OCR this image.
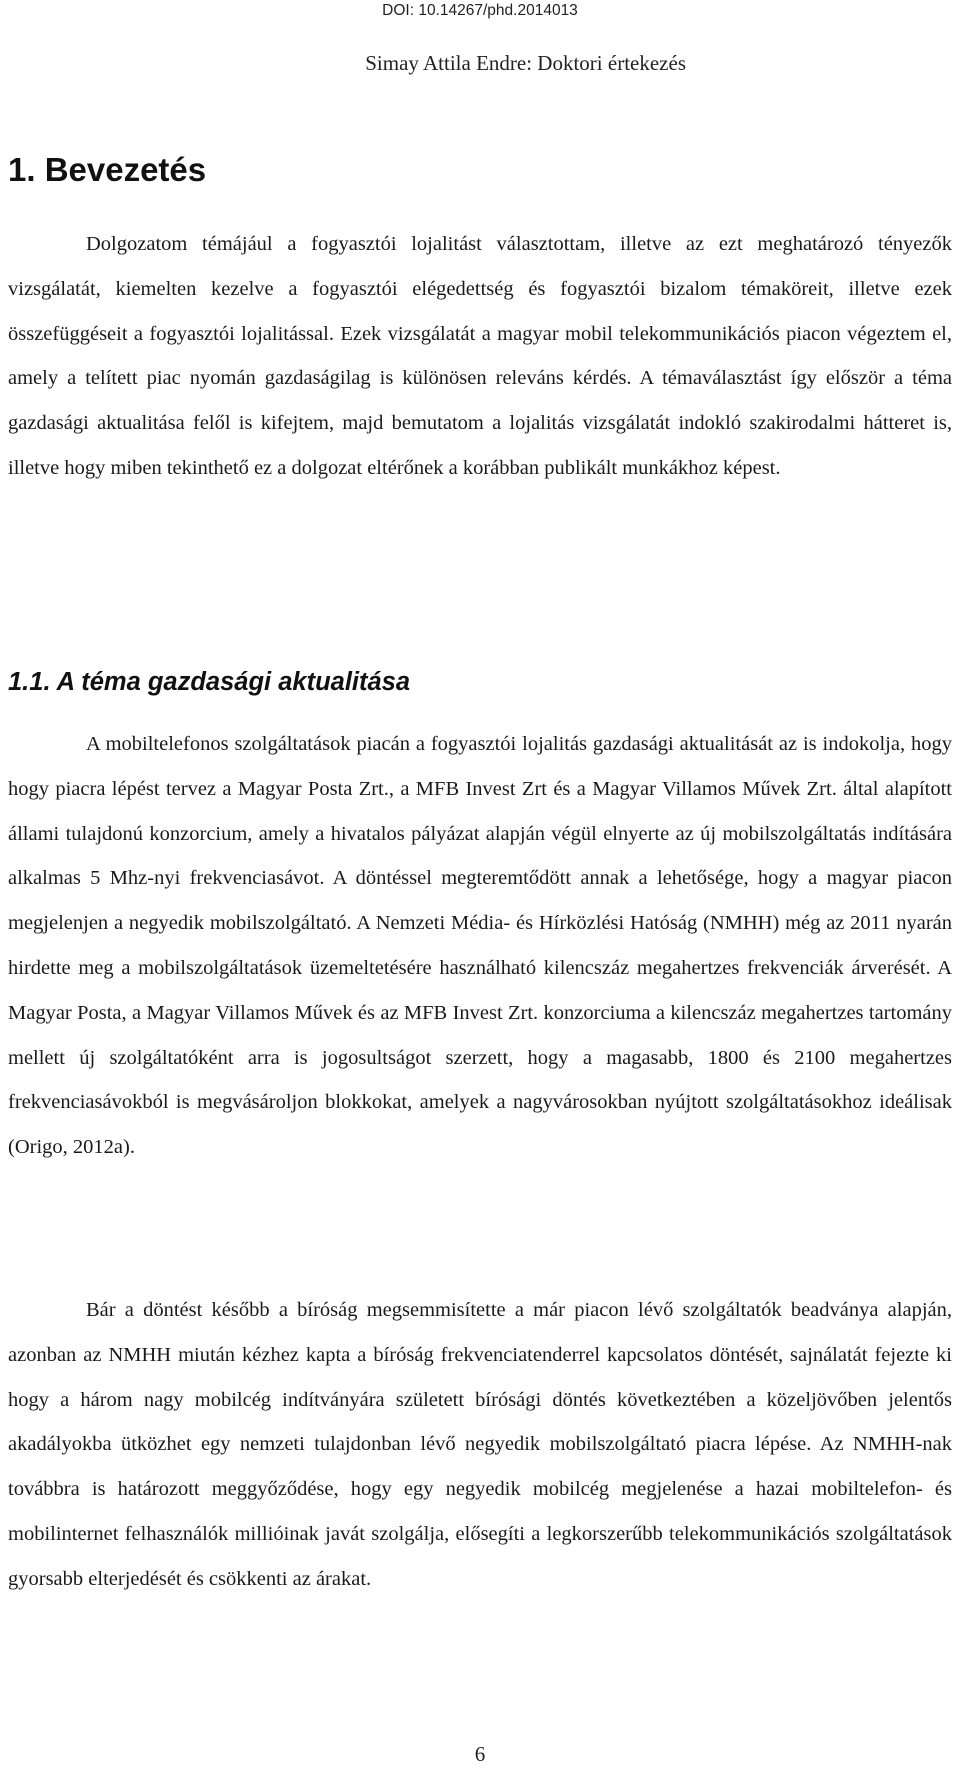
DOI: 10.14267/phd.2014013
Simay Attila Endre: Doktori értekezés
1. Bevezetés

Dolgozatom témájául a fogyasztói lojalitást választottam, illetve az ezt meghatározó tényezők vizsgálatát, kiemelten kezelve a fogyasztói elégedettség és fogyasztói bizalom témaköreit, illetve ezek összefüggéseit a fogyasztói lojalitással. Ezek vizsgálatát a magyar mobil telekommunikációs piacon végeztem el, amely a telített piac nyomán gazdaságilag is különösen releváns kérdés. A témaválasztást így először a téma gazdasági aktualitása felől is kifejtem, majd bemutatom a lojalitás vizsgálatát indokló szakirodalmi hátteret is, illetve hogy miben tekinthető ez a dolgozat eltérőnek a korábban publikált munkákhoz képest.

1.1. A téma gazdasági aktualitása

A mobiltelefonos szolgáltatások piacán a fogyasztói lojalitás gazdasági aktualitását az is indokolja, hogy hogy piacra lépést tervez a Magyar Posta Zrt., a MFB Invest Zrt és a Magyar Villamos Művek Zrt. által alapított állami tulajdonú konzorcium, amely a hivatalos pályázat alapján végül elnyerte az új mobilszolgáltatás indítására alkalmas 5 Mhz-nyi frekvenciasávot. A döntéssel megteremtődött annak a lehetősége, hogy a magyar piacon megjelenjen a negyedik mobilszolgáltató. A Nemzeti Média- és Hírközlési Hatóság (NMHH) még az 2011 nyarán hirdette meg a mobilszolgáltatások üzemeltetésére használható kilencszáz megahertzes frekvenciák árverését. A Magyar Posta, a Magyar Villamos Művek és az MFB Invest Zrt. konzorciuma a kilencszáz megahertzes tartomány mellett új szolgáltatóként arra is jogosultságot szerzett, hogy a magasabb, 1800 és 2100 megahertzes frekvenciasávokból is megvásároljon blokkokat, amelyek a nagyvárosokban nyújtott szolgáltatásokhoz ideálisak (Origo, 2012a).

Bár a döntést később a bíróság megsemmisítette a már piacon lévő szolgáltatók beadványa alapján, azonban az NMHH miután kézhez kapta a bíróság frekvenciatenderrel kapcsolatos döntését, sajnálatát fejezte ki hogy a három nagy mobilcég indítványára született bírósági döntés következtében a közeljövőben jelentős akadályokba ütközhet egy nemzeti tulajdonban lévő negyedik mobilszolgáltató piacra lépése. Az NMHH-nak továbbra is határozott meggyőződése, hogy egy negyedik mobilcég megjelenése a hazai mobiltelefon- és mobilinternet felhasználók millióinak javát szolgálja, elősegíti a legkorszerűbb telekommunikációs szolgáltatások gyorsabb elterjedését és csökkenti az árakat.

6
